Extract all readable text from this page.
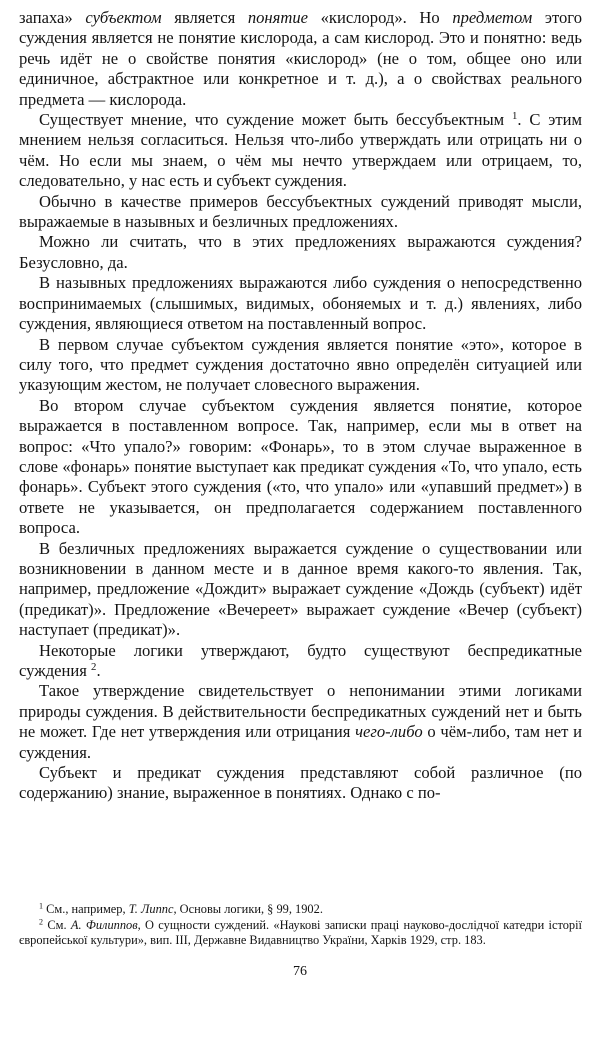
запаха» субъектом является понятие «кислород». Но предметом этого суждения является не понятие кислорода, а сам кислород. Это и понятно: ведь речь идёт не о свойстве понятия «кислород» (не о том, общее оно или единичное, абстрактное или конкретное и т. д.), а о свойствах реального предмета — кислорода.

Существует мнение, что суждение может быть бессубъектным $^1$. С этим мнением нельзя согласиться. Нельзя что-либо утверждать или отрицать ни о чём. Но если мы знаем, о чём мы нечто утверждаем или отрицаем, то, следовательно, у нас есть и субъект суждения.

Обычно в качестве примеров бессубъектных суждений приводят мысли, выражаемые в назывных и безличных предложениях.

Можно ли считать, что в этих предложениях выражаются суждения? Безусловно, да.

В назывных предложениях выражаются либо суждения о непосредственно воспринимаемых (слышимых, видимых, обоняемых и т. д.) явлениях, либо суждения, являющиеся ответом на поставленный вопрос.

В первом случае субъектом суждения является понятие «это», которое в силу того, что предмет суждения достаточно явно определён ситуацией или указующим жестом, не получает словесного выражения.

Во втором случае субъектом суждения является понятие, которое выражается в поставленном вопросе. Так, например, если мы в ответ на вопрос: «Что упало?» говорим: «Фонарь», то в этом случае выраженное в слове «фонарь» понятие выступает как предикат суждения «То, что упало, есть фонарь». Субъект этого суждения («то, что упало» или «упавший предмет») в ответе не указывается, он предполагается содержанием поставленного вопроса.

В безличных предложениях выражается суждение о существовании или возникновении в данном месте и в данное время какого-то явления. Так, например, предложение «Дождит» выражает суждение «Дождь (субъект) идёт (предикат)». Предложение «Вечереет» выражает суждение «Вечер (субъект) наступает (предикат)».

Некоторые логики утверждают, будто существуют беспредикатные суждения $^2$.

Такое утверждение свидетельствует о непонимании этими логиками природы суждения. В действительности беспредикатных суждений нет и быть не может. Где нет утверждения или отрицания чего-либо о чём-либо, там нет и суждения.

Субъект и предикат суждения представляют собой различное (по содержанию) знание, выраженное в понятиях. Однако с по-

$^1$ См., например, Т. Липпс, Основы логики, § 99, 1902.

$^2$ См. А. Филиппов, О сущности суждений. «Наукові записки праці науково-дослідчої катедри історії європейської культури», вип. III, Державне Видавництво України, Харків 1929, стр. 183.

76
